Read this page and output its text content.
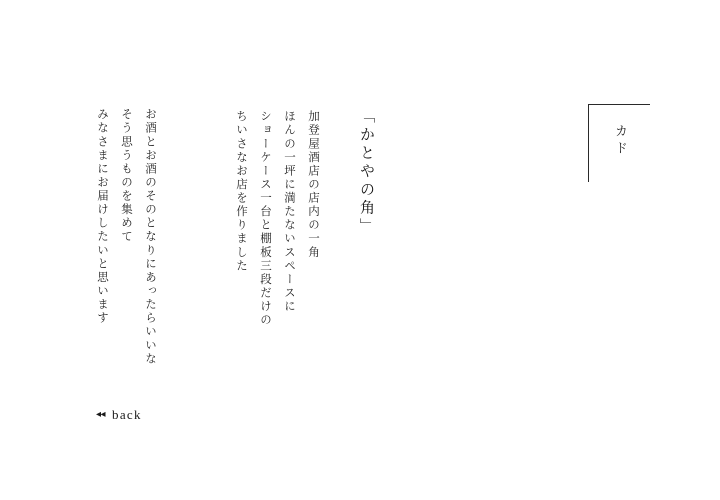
カド
加登屋酒店の店内の一角
ほんの一坪に満たないスペースに
ショーケース一台と棚板三段だけの
ちいさなお店を作りました	「かとやの角」
お酒とお酒のそのとなりにあったらいいな
そう思うものを集めて
みなさまにお届けしたいと思います
◂◂ back
